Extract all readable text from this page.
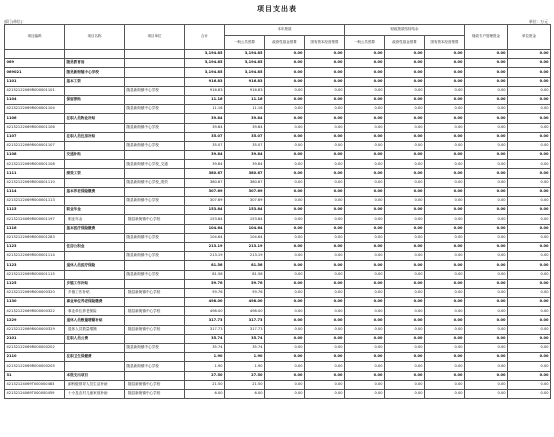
项目支出表
部门(单位)：	单位：万元
项目编码	项目名称	项目单位	合计	本年拨款			财政拨款结转结余			财政专户管理资金	单位资金
				一般公共预算	政府性基金预算	国有资本经营预算	一般公共预算	政府性基金预算	国有资本经营预算		
			3,194.85	3,194.85	0.00	0.00	0.00	0.00	0.00	0.00	0.00
069	随县教育局		3,194.85	3,194.85	0.00	0.00	0.00	0.00	0.00	0.00	0.00
069021	随县新街镇中心学校		3,194.85	3,194.85	0.00	0.00	0.00	0.00	0.00	0.00	0.00
1101	基本工资		916.83	916.83	0.00	0.00	0.00	0.00	0.00	0.00	0.00
42132122069R000001101		随县新街镇中心学校	916.83	916.83	0.00	0.00	0.00	0.00	0.00	0.00	0.00
1104	保留津贴		11.16	11.16	0.00	0.00	0.00	0.00	0.00	0.00	0.00
42132122069R000001104		随县新街镇中心学校	11.16	11.16	0.00	0.00	0.00	0.00	0.00	0.00	0.00
1106	在职人员物业补贴		39.84	39.84	0.00	0.00	0.00	0.00	0.00	0.00	0.00
42132122069R000001106		随县新街镇中心学校	39.84	39.84	0.00	0.00	0.00	0.00	0.00	0.00	0.00
1107	在职人员住房补贴		35.07	35.07	0.00	0.00	0.00	0.00	0.00	0.00	0.00
42132122069R000001107		随县新街镇中心学校	35.07	35.07	0.00	0.00	0.00	0.00	0.00	0.00	0.00
1108	交通补贴		39.84	39.84	0.00	0.00	0.00	0.00	0.00	0.00	0.00
42132122069R000001108		随县新街镇中心学校_交通	39.84	39.84	0.00	0.00	0.00	0.00	0.00	0.00	0.00
1111	绩效工资		380.67	380.67	0.00	0.00	0.00	0.00	0.00	0.00	0.00
42132122069R000001110		随县新街镇中心学校_绩效	380.67	380.67	0.00	0.00	0.00	0.00	0.00	0.00	0.00
1114	基本养老保险缴费		307.69	307.69	0.00	0.00	0.00	0.00	0.00	0.00	0.00
42132122069R000001113		随县新街镇中心学校	307.69	307.69	0.00	0.00	0.00	0.00	0.00	0.00	0.00
1115	职业年金		153.84	153.84	0.00	0.00	0.00	0.00	0.00	0.00	0.00
42132124069R000001197	职业年金	随县新街镇中心学校	153.84	153.84	0.00	0.00	0.00	0.00	0.00	0.00	0.00
1116	基本医疗保险缴费		104.64	104.64	0.00	0.00	0.00	0.00	0.00	0.00	0.00
42132122069R000001283		随县新街镇中心学校	104.64	104.64	0.00	0.00	0.00	0.00	0.00	0.00	0.00
1123	住房公积金		213.19	213.19	0.00	0.00	0.00	0.00	0.00	0.00	0.00
42132122069R000001114		随县新街镇中心学校	213.19	213.19	0.00	0.00	0.00	0.00	0.00	0.00	0.00
1123	退休人员医疗保险		81.56	81.56	0.00	0.00	0.00	0.00	0.00	0.00	0.00
42132122069R000001115		随县新街镇中心学校	81.56	81.56	0.00	0.00	0.00	0.00	0.00	0.00	0.00
1125	乡镇工作补贴		59.76	59.76	0.00	0.00	0.00	0.00	0.00	0.00	0.00
42132122069R000000320	乡镇工作补贴	随县新街镇中心学校	59.76	59.76	0.00	0.00	0.00	0.00	0.00	0.00	0.00
1130	事业单位养老保险缴费		498.00	498.00	0.00	0.00	0.00	0.00	0.00	0.00	0.00
42132122069R000000322	事业单位养老保险	随县新街镇中心学校	498.00	498.00	0.00	0.00	0.00	0.00	0.00	0.00	0.00
1229	退休人员数量增额补贴		317.73	317.73	0.00	0.00	0.00	0.00	0.00	0.00	0.00
42132122069R000000329	退休人员数量增额	随县新街镇中心学校	317.73	317.73	0.00	0.00	0.00	0.00	0.00	0.00	0.00
2101	在职人员公费		35.74	35.74	0.00	0.00	0.00	0.00	0.00	0.00	0.00
42132122069R000000202		随县新街镇中心学校	35.74	35.74	0.00	0.00	0.00	0.00	0.00	0.00	0.00
2110	在职卫生保健费		1.90	1.90	0.00	0.00	0.00	0.00	0.00	0.00	0.00
42132122069R000000205		随县新街镇中心学校	1.90	1.90	0.00	0.00	0.00	0.00	0.00	0.00	0.00
31	本级支出项目		27.50	27.50	0.00	0.00	0.00	0.00	0.00	0.00	0.00
42132124069T000000483	副科级领导人员生活补助	随县新街镇中心学校	21.50	21.50	0.00	0.00	0.00	0.00	0.00	0.00	0.00
42132124069T000000459	十小及农村儿童家庭补助	随县新街镇中心学校	6.00	6.00	0.00	0.00	0.00	0.00	0.00	0.00	0.00
